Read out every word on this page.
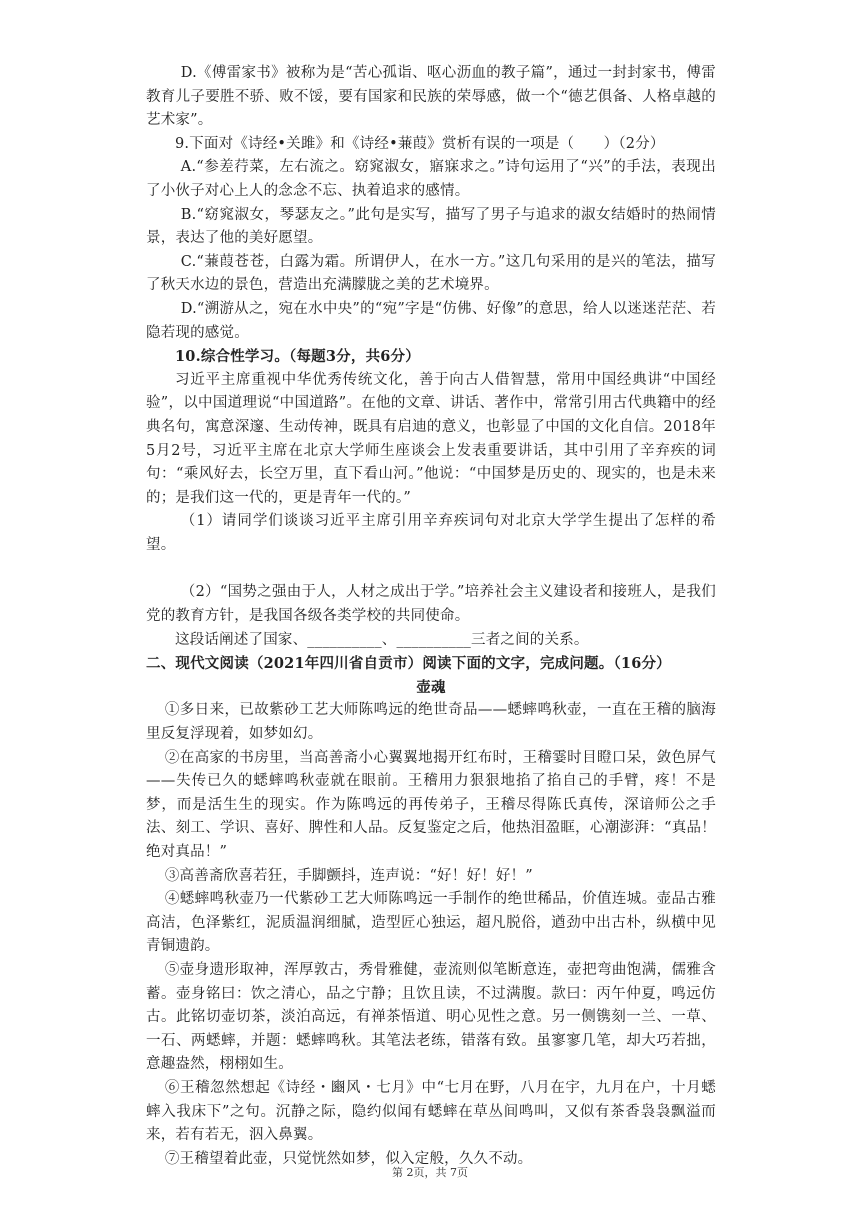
D.《傅雷家书》被称为是“苦心孤诣、呕心沥血的教子篇”，通过一封封家书，傅雷教育儿子要胜不骄、败不馁，要有国家和民族的荣辱感，做一个“德艺俱备、人格卓越的艺术家”。

9.下面对《诗经•关雎》和《诗经•蒹葭》赏析有误的一项是（　　）（2分）

A.“参差荇菜，左右流之。窈窕淑女，寤寐求之。”诗句运用了“兴”的手法，表现出了小伙子对心上人的念念不忘、执着追求的感情。

B.“窈窕淑女，琴瑟友之。”此句是实写，描写了男子与追求的淑女结婚时的热闹情景，表达了他的美好愿望。

C.“蒹葭苍苍，白露为霜。所谓伊人，在水一方。”这几句采用的是兴的笔法，描写了秋天水边的景色，营造出充满朦胧之美的艺术境界。

D.“溯游从之，宛在水中央”的“宛”字是“仿佛、好像”的意思，给人以迷迷茫茫、若隐若现的感觉。

10.综合性学习。（每题3分，共6分）

习近平主席重视中华优秀传统文化，善于向古人借智慧，常用中国经典讲“中国经验”，以中国道理说“中国道路”。在他的文章、讲话、著作中，常常引用古代典籍中的经典名句，寓意深邃、生动传神，既具有启迪的意义，也彰显了中国的文化自信。2018年5月2号，习近平主席在北京大学师生座谈会上发表重要讲话，其中引用了辛弃疾的词句：“乘风好去，长空万里，直下看山河。”他说：“中国梦是历史的、现实的，也是未来的；是我们这一代的，更是青年一代的。”

（1）请同学们谈谈习近平主席引用辛弃疾词句对北京大学学生提出了怎样的希望。

（2）“国势之强由于人，人材之成出于学。”培养社会主义建设者和接班人，是我们党的教育方针，是我国各级各类学校的共同使命。

这段话阐述了国家、__________、__________三者之间的关系。

二、现代文阅读（2021年四川省自贡市）阅读下面的文字，完成问题。（16分）

壶魂

①多日来，已故紫砂工艺大师陈鸣远的绝世奇品——蟋蟀鸣秋壶，一直在王稽的脑海里反复浮现着，如梦如幻。

②在高家的书房里，当高善斋小心翼翼地揭开红布时，王稽霎时目瞪口呆，敛色屏气——失传已久的蟋蟀鸣秋壶就在眼前。王稽用力狠狠地掐了掐自己的手臂，疼！不是梦，而是活生生的现实。作为陈鸣远的再传弟子，王稽尽得陈氏真传，深谙师公之手法、刻工、学识、喜好、脾性和人品。反复鉴定之后，他热泪盈眶，心潮澎湃：“真品！绝对真品！”

③高善斋欣喜若狂，手脚颤抖，连声说：“好！好！好！”

④蟋蟀鸣秋壶乃一代紫砂工艺大师陈鸣远一手制作的绝世稀品，价值连城。壶品古雅高洁，色泽紫红，泥质温润细腻，造型匠心独运，超凡脱俗，遒劲中出古朴，纵横中见青铜遗韵。

⑤壶身遗形取神，浑厚敦古，秀骨雅健，壶流则似笔断意连，壶把弯曲饱满，儒雅含蓄。壶身铭曰：饮之清心，品之宁静；且饮且读，不过满腹。款曰：丙午仲夏，鸣远仿古。此铭切壶切茶，淡泊高远，有禅茶悟道、明心见性之意。另一侧镌刻一兰、一草、一石、两蟋蟀，并题：蟋蟀鸣秋。其笔法老练，错落有致。虽寥寥几笔，却大巧若拙，意趣盎然，栩栩如生。

⑥王稽忽然想起《诗经・豳风・七月》中“七月在野，八月在宇，九月在户，十月蟋蟀入我床下”之句。沉静之际，隐约似闻有蟋蟀在草丛间鸣叫，又似有茶香袅袅飘溢而来，若有若无，泅入鼻翼。

⑦王稽望着此壶，只觉恍然如梦，似入定般，久久不动。

第 2页，共 7页
